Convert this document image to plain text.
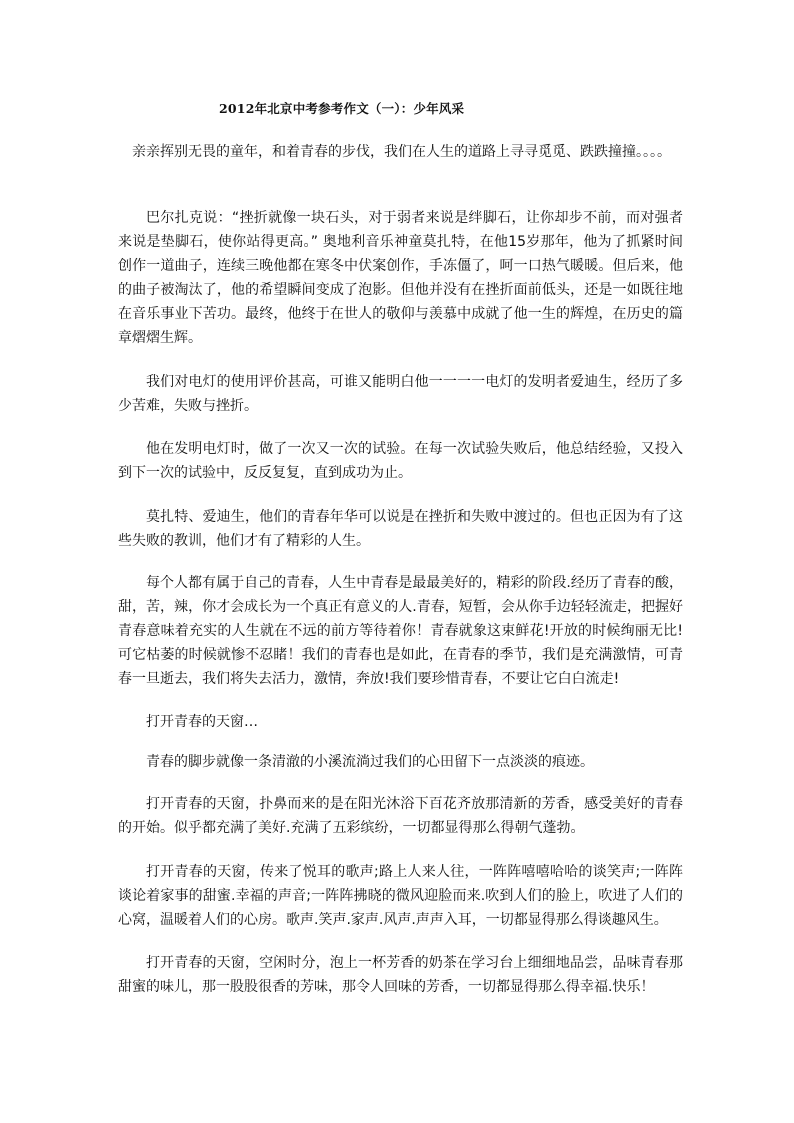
2012年北京中考参考作文（一）：少年风采

亲亲挥别无畏的童年，和着青春的步伐，我们在人生的道路上寻寻觅觅、跌跌撞撞。。。。

巴尔扎克说：“挫折就像一块石头，对于弱者来说是绊脚石，让你却步不前，而对强者来说是垫脚石，使你站得更高。” 奥地利音乐神童莫扎特，在他15岁那年，他为了抓紧时间创作一道曲子，连续三晚他都在寒冬中伏案创作，手冻僵了，呵一口热气暖暖。但后来，他的曲子被淘汰了，他的希望瞬间变成了泡影。但他并没有在挫折面前低头，还是一如既往地在音乐事业下苦功。最终，他终于在世人的敬仰与羡慕中成就了他一生的辉煌，在历史的篇章熠熠生辉。

我们对电灯的使用评价甚高，可谁又能明白他一一一一电灯的发明者爱迪生，经历了多少苦难，失败与挫折。

他在发明电灯时，做了一次又一次的试验。在每一次试验失败后，他总结经验，又投入到下一次的试验中，反反复复，直到成功为止。

莫扎特、爱迪生，他们的青春年华可以说是在挫折和失败中渡过的。但也正因为有了这些失败的教训，他们才有了精彩的人生。

每个人都有属于自己的青春，人生中青春是最最美好的，精彩的阶段.经历了青春的酸，甜，苦，辣，你才会成长为一个真正有意义的人.青春，短暂，会从你手边轻轻流走，把握好青春意味着充实的人生就在不远的前方等待着你！青春就象这束鲜花!开放的时候绚丽无比!可它枯萎的时候就惨不忍睹！我们的青春也是如此，在青春的季节，我们是充满激情，可青春一旦逝去，我们将失去活力，激情，奔放!我们要珍惜青春，不要让它白白流走!

打开青春的天窗…

青春的脚步就像一条清澈的小溪流淌过我们的心田留下一点淡淡的痕迹。

打开青春的天窗，扑鼻而来的是在阳光沐浴下百花齐放那清新的芳香，感受美好的青春的开始。似乎都充满了美好.充满了五彩缤纷，一切都显得那么得朝气蓬勃。

打开青春的天窗，传来了悦耳的歌声;路上人来人往，一阵阵嘻嘻哈哈的谈笑声;一阵阵谈论着家事的甜蜜.幸福的声音;一阵阵拂晓的微风迎脸而来.吹到人们的脸上，吹进了人们的心窝，温暖着人们的心房。歌声.笑声.家声.风声.声声入耳，一切都显得那么得谈趣风生。

打开青春的天窗，空闲时分，泡上一杯芳香的奶茶在学习台上细细地品尝，品味青春那甜蜜的味儿，那一股股很香的芳味，那令人回味的芳香，一切都显得那么得幸福.快乐！
